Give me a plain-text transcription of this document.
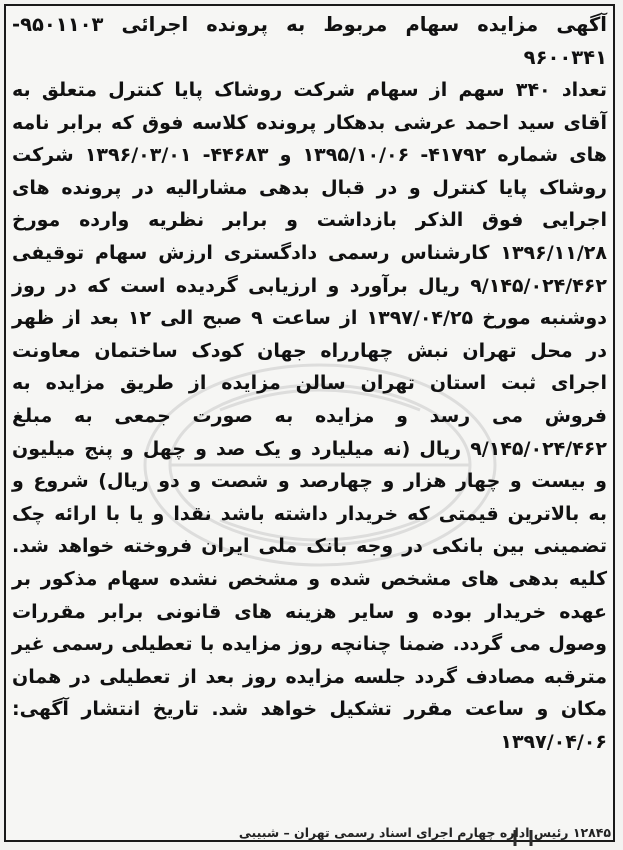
آگهی مزایده سهام مربوط به پرونده اجرائی ۹۵۰۱۱۰۳- ۹۶۰۰۳۴۱

تعداد ۳۴۰ سهم از سهام شرکت روشاک پایا کنترل متعلق به آقای سید احمد عرشی بدهکار پرونده کلاسه فوق که برابر نامه های شماره ۴۱۷۹۲- ۱۳۹۵/۱۰/۰۶ و ۴۴۶۸۳- ۱۳۹۶/۰۳/۰۱ شرکت روشاک پایا کنترل و در قبال بدهی مشارالیه در پرونده های اجرایی فوق الذکر بازداشت و برابر نظریه وارده مورخ ۱۳۹۶/۱۱/۲۸ کارشناس رسمی دادگستری ارزش سهام توقیفی ۹/۱۴۵/۰۲۴/۴۶۲ ریال برآورد و ارزیابی گردیده است که در روز دوشنبه مورخ ۱۳۹۷/۰۴/۲۵ از ساعت ۹ صبح الی ۱۲ بعد از ظهر در محل تهران نبش چهارراه جهان کودک ساختمان معاونت اجرای ثبت استان تهران سالن مزایده از طریق مزایده به فروش می رسد و مزایده به صورت جمعی به مبلغ ۹/۱۴۵/۰۲۴/۴۶۲ ریال (نه میلیارد و یک صد و چهل و پنج میلیون و بیست و چهار هزار و چهارصد و شصت و دو ریال) شروع و به بالاترین قیمتی که خریدار داشته باشد نقدا و یا با ارائه چک تضمینی بین بانکی در وجه بانک ملی ایران فروخته خواهد شد. کلیه بدهی های مشخص شده و مشخص نشده سهام مذکور بر عهده خریدار بوده و سایر هزینه های قانونی برابر مقررات وصول می گردد. ضمنا چنانچه روز مزایده با تعطیلی رسمی غیر مترقبه مصادف گردد جلسه مزایده روز بعد از تعطیلی در همان مکان و ساعت مقرر تشکیل خواهد شد. تاریخ انتشار آگهی: ۱۳۹۷/۰۴/۰۶

۱۲۸۴۵ رئیس اداره چهارم اجرای اسناد رسمی تهران – شبیبی
